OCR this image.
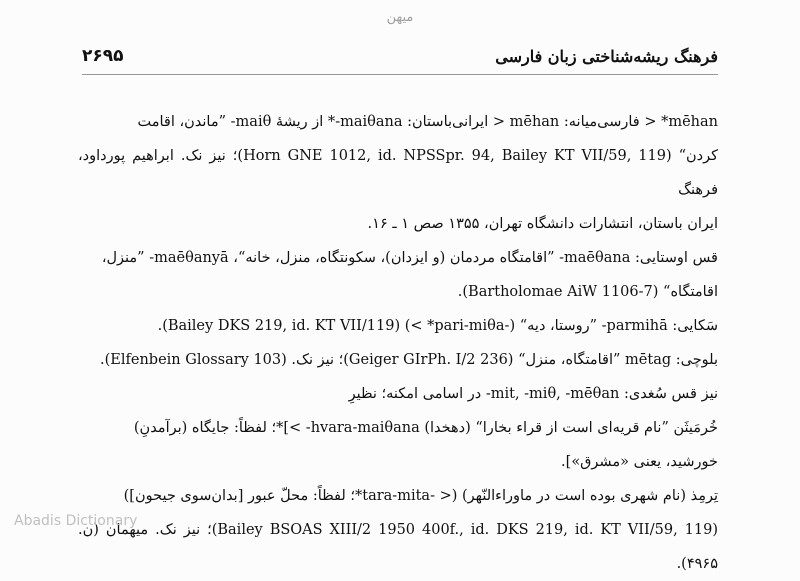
میهن
۲۶۹۵	فرهنگ ریشه‌شناختی زبان فارسی

‏mēhan* < فارسی‌میانه: mēhan < ایرانی‌باستان: ‎-maiθana*‏ از ریشهٔ ‎-maiθ‏ ”ماندن، اقامت

کردن“ ‎(Horn GNE 1012, id. NPSSpr. 94, Bailey KT VII/59, 119)‏؛ نیز نک. ابراهیم پورداود، فرهنگ

ایران باستان، انتشارات دانشگاه تهران، ۱۳۵۵ صص ۱ ـ ۱۶.

قس اوستایی: ‎-maēθana‏ ”اقامتگاه مردمان (و ایزدان)، سکونتگاه، منزل، خانه“، ‎-maēθanyā‏ ”منزل،

اقامتگاه“ ‎(Bartholomae AiW 1106-7)‏.

سَکایی: ‎-parmihā‏ ”روستا، دیه“ ‎(< *pari-miθa-)‏ ‎(Bailey DKS 219, id. KT VII/119)‏.

بلوچی: mētag ”اقامتگاه، منزل“ ‎(Geiger GIrPh. I/2 236)‏؛ نیز نک. ‎(Elfenbein Glossary 103)‏.

نیز قس سُغدی: ‎-mit, -miθ, -mēθan‏ در اسامی امکنه؛ نظیرِ

خُرمَیثَن ”نام قریه‌ای است از قراء بخارا“ (دهخدا) ‎[< -hvara-maiθana*‏؛ لفظاً: جایگاه (برآمدنِ)

خورشید، یعنی «مشرق»].

تِرمِذ (نام شهری بوده است در ماوراءالنّهر) ‎(< -tara-mita*‏؛ لفظاً: محلّ عبور [بدان‌سوی جیحون])

‎(Bailey BSOAS XIII/2 1950 400f., id. DKS 219, id. KT VII/59, 119)‏؛ نیز نک. میهمان (ن. ۴۹۶۵).

Abadis Dictionary
